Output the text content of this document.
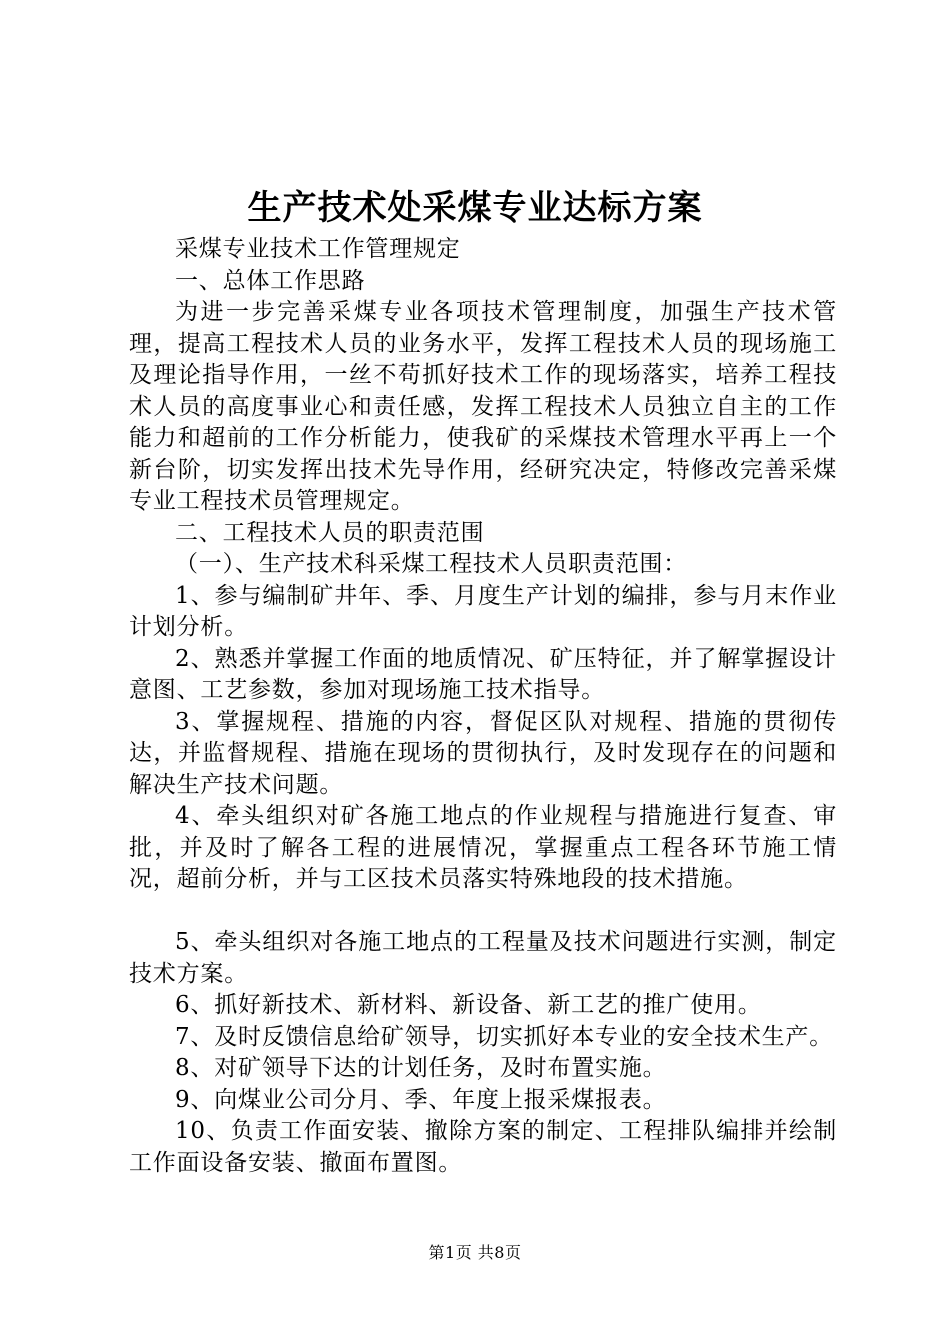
生产技术处采煤专业达标方案

采煤专业技术工作管理规定

一、总体工作思路

为进一步完善采煤专业各项技术管理制度，加强生产技术管理，提高工程技术人员的业务水平，发挥工程技术人员的现场施工及理论指导作用，一丝不苟抓好技术工作的现场落实，培养工程技术人员的高度事业心和责任感，发挥工程技术人员独立自主的工作能力和超前的工作分析能力，使我矿的采煤技术管理水平再上一个新台阶，切实发挥出技术先导作用，经研究决定，特修改完善采煤专业工程技术员管理规定。

二、工程技术人员的职责范围

（一）、生产技术科采煤工程技术人员职责范围：

1、参与编制矿井年、季、月度生产计划的编排，参与月末作业计划分析。

2、熟悉并掌握工作面的地质情况、矿压特征，并了解掌握设计意图、工艺参数，参加对现场施工技术指导。

3、掌握规程、措施的内容，督促区队对规程、措施的贯彻传达，并监督规程、措施在现场的贯彻执行，及时发现存在的问题和解决生产技术问题。

4、牵头组织对矿各施工地点的作业规程与措施进行复查、审批，并及时了解各工程的进展情况，掌握重点工程各环节施工情况，超前分析，并与工区技术员落实特殊地段的技术措施。

5、牵头组织对各施工地点的工程量及技术问题进行实测，制定技术方案。

6、抓好新技术、新材料、新设备、新工艺的推广使用。

7、及时反馈信息给矿领导，切实抓好本专业的安全技术生产。

8、对矿领导下达的计划任务，及时布置实施。

9、向煤业公司分月、季、年度上报采煤报表。

10、负责工作面安装、撤除方案的制定、工程排队编排并绘制工作面设备安装、撤面布置图。

第1页 共8页
